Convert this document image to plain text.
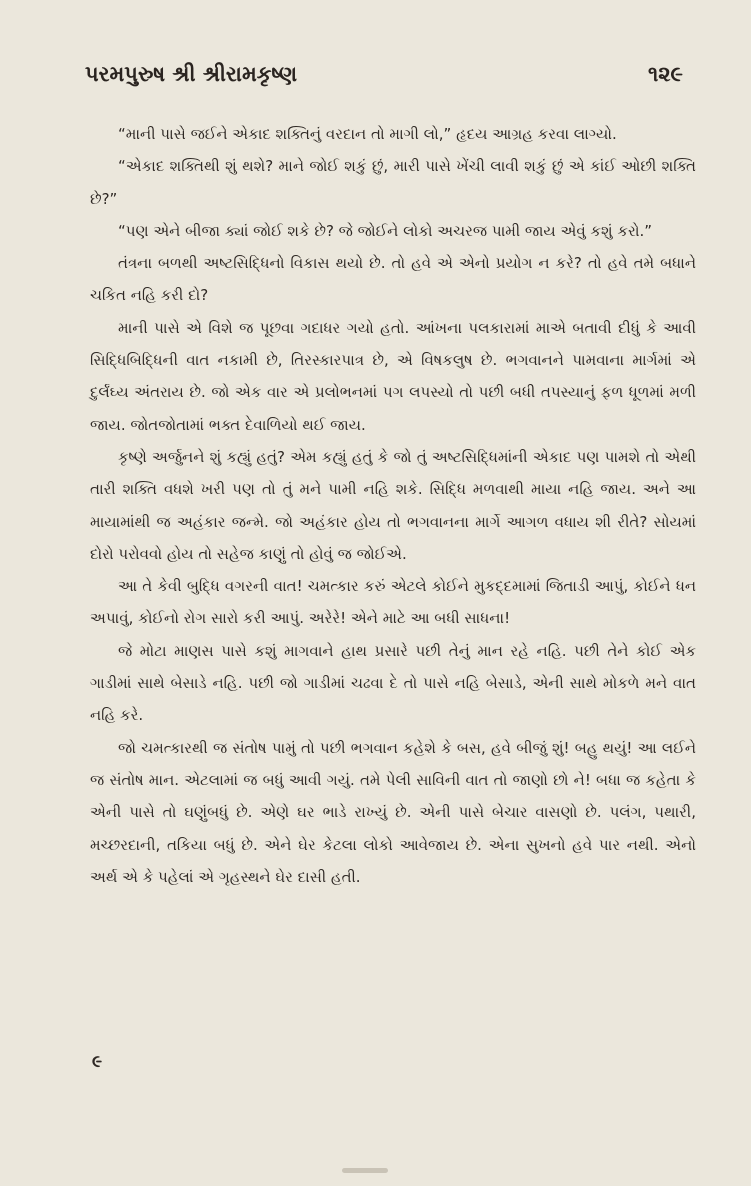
પરમપુરુષ શ્રી શ્રીરામકૃષ્ણ	૧૨૯

“માની પાસે જઈને એકાદ શક્તિનું વરદાન તો માગી લો,” હૃદય આગ્રહ કરવા લાગ્યો.

“એકાદ શક્તિથી શું થશે? માને જોઈ શકું છું, મારી પાસે ખેંચી લાવી શકું છું એ કાંઈ ઓછી શક્તિ છે?”

“પણ એને બીજા ક્યાં જોઈ શકે છે? જે જોઈને લોકો અચરજ પામી જાય એવું કશું કરો.”

તંત્રના બળથી અષ્ટસિદ્ધિનો વિકાસ થયો છે. તો હવે એ એનો પ્રયોગ ન કરે? તો હવે તમે બધાને ચકિત નહિ કરી દો?

માની પાસે એ વિશે જ પૂછવા ગદાધર ગયો હતો. આંખના પલકારામાં માએ બતાવી દીધું કે આવી સિદ્ધિબિદ્ધિની વાત નકામી છે, તિરસ્કારપાત્ર છે, એ વિષકલુષ છે. ભગવાનને પામવાના માર્ગમાં એ દુર્લંઘ્ય અંતરાય છે. જો એક વાર એ પ્રલોભનમાં પગ લપસ્યો તો પછી બધી તપસ્યાનું ફળ ધૂળમાં મળી જાય. જોતજોતામાં ભક્ત દેવાળિયો થઈ જાય.

કૃષ્ણે અર્જુનને શું કહ્યું હતું? એમ કહ્યું હતું કે જો તું અષ્ટસિદ્ધિમાંની એકાદ પણ પામશે તો એથી તારી શક્તિ વધશે ખરી પણ તો તું મને પામી નહિ શકે. સિદ્ધિ મળવાથી માયા નહિ જાય. અને આ માયામાંથી જ અહંકાર જન્મે. જો અહંકાર હોય તો ભગવાનના માર્ગે આગળ વધાય શી રીતે? સોયમાં દોરો પરોવવો હોય તો સહેજ કાણું તો હોવું જ જોઈએ.

આ તે કેવી બુદ્ધિ વગરની વાત! ચમત્કાર કરું એટલે કોઈને મુકદ્દમામાં જિતાડી આપું, કોઈને ધન અપાવું, કોઈનો રોગ સારો કરી આપું. અરેરે! એને માટે આ બધી સાધના!

જે મોટા માણસ પાસે કશું માગવાને હાથ પ્રસારે પછી તેનું માન રહે નહિ. પછી તેને કોઈ એક ગાડીમાં સાથે બેસાડે નહિ. પછી જો ગાડીમાં ચઢવા દે તો પાસે નહિ બેસાડે, એની સાથે મોકળે મને વાત નહિ કરે.

જો ચમત્કારથી જ સંતોષ પામું તો પછી ભગવાન કહેશે કે બસ, હવે બીજું શું! બહુ થયું! આ લઈને જ સંતોષ માન. એટલામાં જ બધું આવી ગયું. તમે પેલી સાવિની વાત તો જાણો છો ને! બધા જ કહેતા કે એની પાસે તો ઘણુંબધું છે. એણે ઘર ભાડે રાખ્યું છે. એની પાસે બેચાર વાસણો છે. પલંગ, પથારી, મચ્છરદાની, તકિયા બધું છે. એને ઘેર કેટલા લોકો આવેજાય છે. એના સુખનો હવે પાર નથી. એનો અર્થ એ કે પહેલાં એ ગૃહસ્થને ઘેર દાસી હતી.

૯
